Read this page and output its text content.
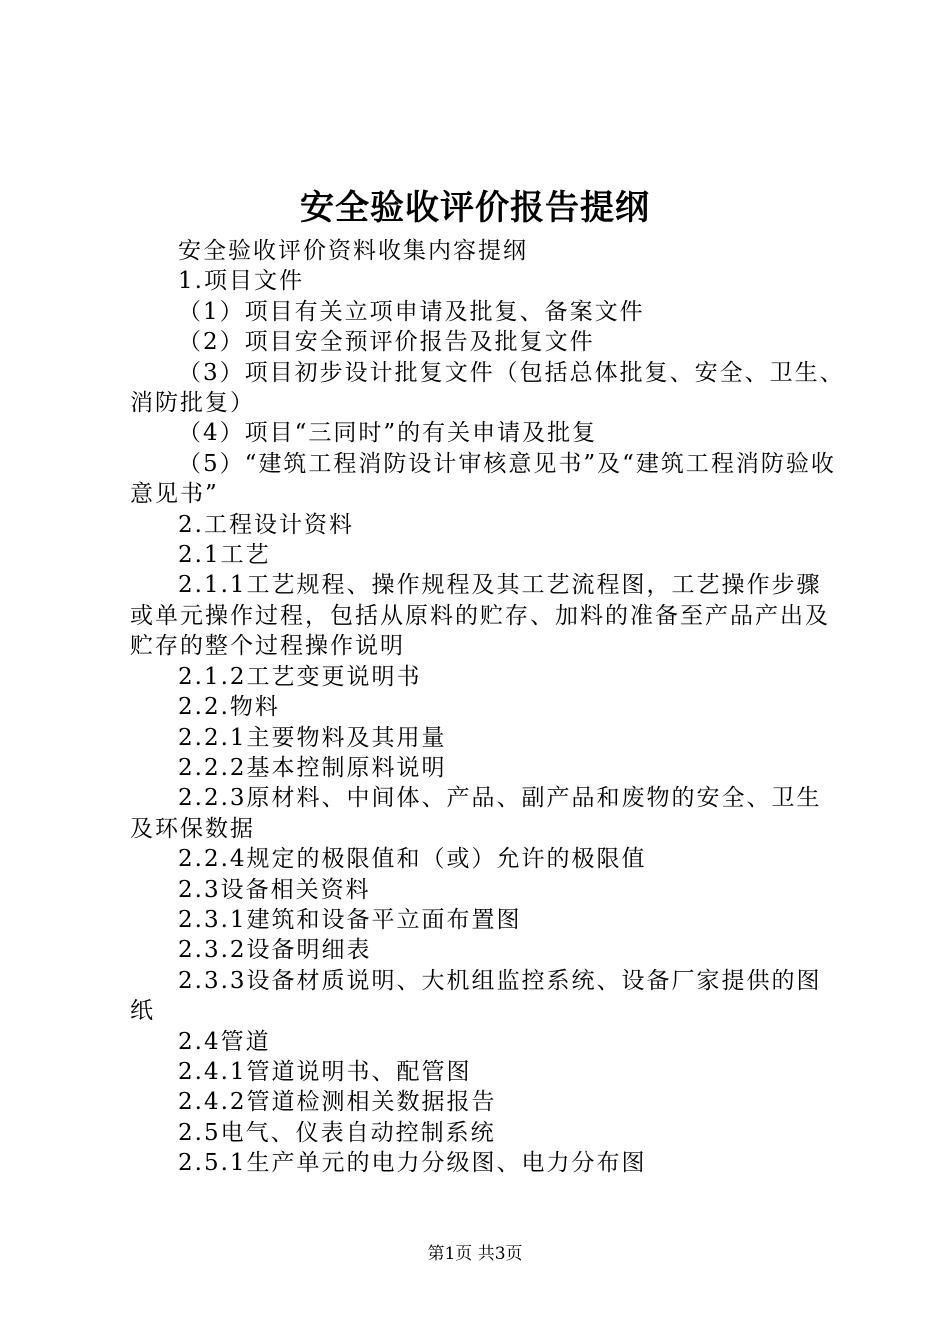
安全验收评价报告提纲

安全验收评价资料收集内容提纲

1.项目文件

（1）项目有关立项申请及批复、备案文件

（2）项目安全预评价报告及批复文件

（3）项目初步设计批复文件（包括总体批复、安全、卫生、消防批复）

（4）项目“三同时”的有关申请及批复

（5）“建筑工程消防设计审核意见书”及“建筑工程消防验收意见书”

2.工程设计资料

2.1工艺

2.1.1工艺规程、操作规程及其工艺流程图，工艺操作步骤或单元操作过程，包括从原料的贮存、加料的准备至产品产出及贮存的整个过程操作说明

2.1.2工艺变更说明书

2.2.物料

2.2.1主要物料及其用量

2.2.2基本控制原料说明

2.2.3原材料、中间体、产品、副产品和废物的安全、卫生及环保数据

2.2.4规定的极限值和（或）允许的极限值

2.3设备相关资料

2.3.1建筑和设备平立面布置图

2.3.2设备明细表

2.3.3设备材质说明、大机组监控系统、设备厂家提供的图纸

2.4管道

2.4.1管道说明书、配管图

2.4.2管道检测相关数据报告

2.5电气、仪表自动控制系统

2.5.1生产单元的电力分级图、电力分布图

第1页 共3页
